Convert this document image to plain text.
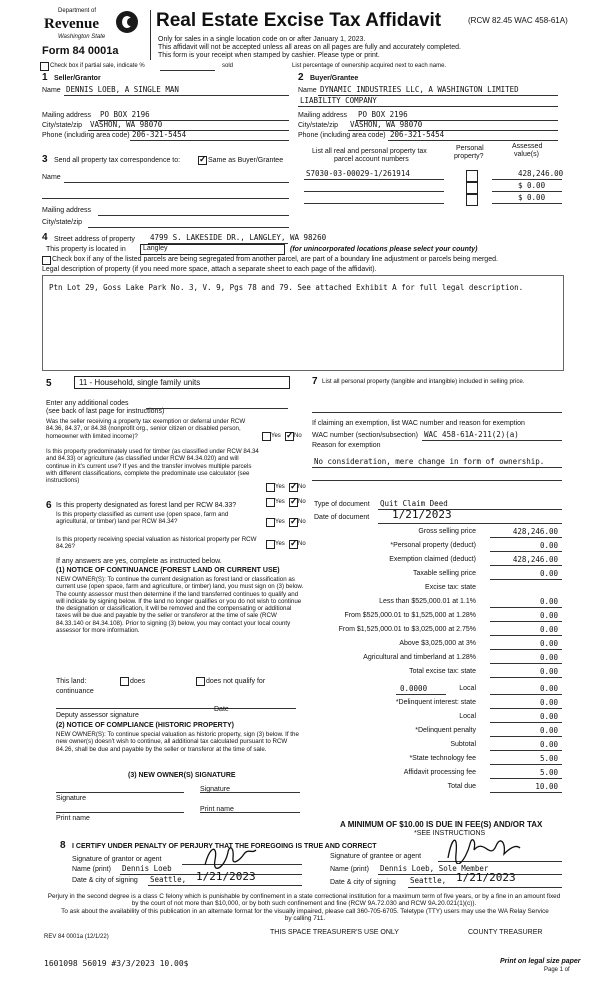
Department of
Revenue
Washington State
Form 84 0001a
Real Estate Excise Tax Affidavit	(RCW 82.45 WAC 458-61A)
Only for sales in a single location code on or after January 1, 2023.
This affidavit will not be accepted unless all areas on all pages are fully and accurately completed.
This form is your receipt when stamped by cashier. Please type or print.
Check box if partial sale, indicate %	sold	List percentage of ownership acquired next to each name.
1 Seller/Grantor
Name DENNIS LOEB, A SINGLE MAN
Mailing address PO BOX 2196
City/state/zip VASHON, WA 98070
Phone (including area code) 206-321-5454
2 Buyer/Grantee
Name DYNAMIC INDUSTRIES LLC, A WASHINGTON LIMITED
LIABILITY COMPANY
Mailing address PO BOX 2196
City/state/zip VASHON, WA 98070
Phone (including area code) 206-321-5454
3 Send all property tax correspondence to: ✓	Same as Buyer/Grantee
Name
Mailing address
City/state/zip
List all real and personal property tax
parcel account numbers
Personal
property?
Assessed
value(s)
S7030-03-00029-1/261914	428,246.00
$ 0.00
$ 0.00
4 Street address of property 4799 S. LAKESIDE DR., LANGLEY, WA 98260
This property is located in Langley	(for unincorporated locations please select your county)
Check box if any of the listed parcels are being segregated from another parcel, are part of a boundary line adjustment or parcels being merged.
Legal description of property (if you need more space, attach a separate sheet to each page of the affidavit).
Ptn Lot 29, Goss Lake Park No. 3, V. 9, Pgs 78 and 79. See attached Exhibit A for full legal description.
5	11 - Household, single family units
Enter any additional codes
(see back of last page for instructions)
Was the seller receiving a property tax exemption or deferral under RCW 84.36, 84.37, or 84.38 (nonprofit org., senior citizen or disabled person, homeowner with limited income)?	Yes ✓ No
Is this property predominately used for timber (as classified under RCW 84.34 and 84.33) or agriculture (as classified under RCW 84.34.020) and will continue in it's current use? If yes and the transfer involves multiple parcels with different classifications, complete the predominate use calculator (see instructions)
Yes ✓ No
7 List all personal property (tangible and intangible) included in selling price.
If claiming an exemption, list WAC number and reason for exemption
WAC number (section/subsection) WAC 458-61A-211(2)(a)
Reason for exemption
No consideration, mere change in form of ownership.
6 Is this property designated as forest land per RCW 84.33?	Yes ✓ No
Is this property classified as current use (open space, farm and agricultural, or timber) land per RCW 84.34?	Yes ✓ No
Is this property receiving special valuation as historical property per RCW 84.26?	Yes ✓ No
If any answers are yes, complete as instructed below.
(1) NOTICE OF CONTINUANCE (FOREST LAND OR CURRENT USE)
NEW OWNER(S): To continue the current designation as forest land or classification as current use (open space, farm and agriculture, or timber) land, you must sign on (3) below. The county assessor must then determine if the land transferred continues to qualify and will indicate by signing below. If the land no longer qualifies or you do not wish to continue the designation or classification, it will be removed and the compensating or additional taxes will be due and payable by the seller or transferor at the time of sale (RCW 84.33.140 or 84.34.108). Prior to signing (3) below, you may contact your local county assessor for more information.
This land:	does	does not qualify for
continuance
Deputy assessor signature
Date
(2) NOTICE OF COMPLIANCE (HISTORIC PROPERTY)
NEW OWNER(S): To continue special valuation as historic property, sign (3) below. If the new owner(s) doesn't wish to continue, all additional tax calculated pursuant to RCW 84.26, shall be due and payable by the seller or transferor at the time of sale.
(3) NEW OWNER(S) SIGNATURE
Signature
Signature
Print name
Print name
Type of document Quit Claim Deed
Date of document 1/21/2023
0.0000	Local	0.00
A MINIMUM OF $10.00 IS DUE IN FEE(S) AND/OR TAX
*SEE INSTRUCTIONS
8 I CERTIFY UNDER PENALTY OF PERJURY THAT THE FOREGOING IS TRUE AND CORRECT
Signature of grantor or agent
Name (print) Dennis Loeb
Date & city of signing Seattle, 1/21/2023
Signature of grantee or agent
Name (print) Dennis Loeb, Sole Member
Date & city of signing Seattle, 1/21/2023
Perjury in the second degree is a class C felony which is punishable by confinement in a state correctional institution for a maximum term of five years, or by a fine in an amount fixed by the court of not more than $10,000, or by both such confinement and fine (RCW 9A.72.030 and RCW 9A.20.021(1)(c)).
To ask about the availability of this publication in an alternate format for the visually impaired, please call 360-705-6705. Teletype (TTY) users may use the WA Relay Service by calling 711.
REV 84 0001a (12/1/22)
THIS SPACE TREASURER'S USE ONLY	COUNTY TREASURER
1601098 56019 #3/3/2023 10.00$	Print on legal size paper
Page 1 of
Gross selling price	428,246.00
*Personal property (deduct)	0.00
Exemption claimed (deduct)	428,246.00
Taxable selling price	0.00
Excise tax: state
Less than $525,000.01 at 1.1%	0.00
From $525,000.01 to $1,525,000 at 1.28%	0.00
From $1,525,000.01 to $3,025,000 at 2.75%	0.00
Above $3,025,000 at 3%	0.00
Agricultural and timberland at 1.28%	0.00
Total excise tax: state	0.00
*Delinquent interest: state	0.00
Local	0.00
*Delinquent penalty	0.00
Subtotal	0.00
*State technology fee	5.00
Affidavit processing fee	5.00
Total due	10.00
